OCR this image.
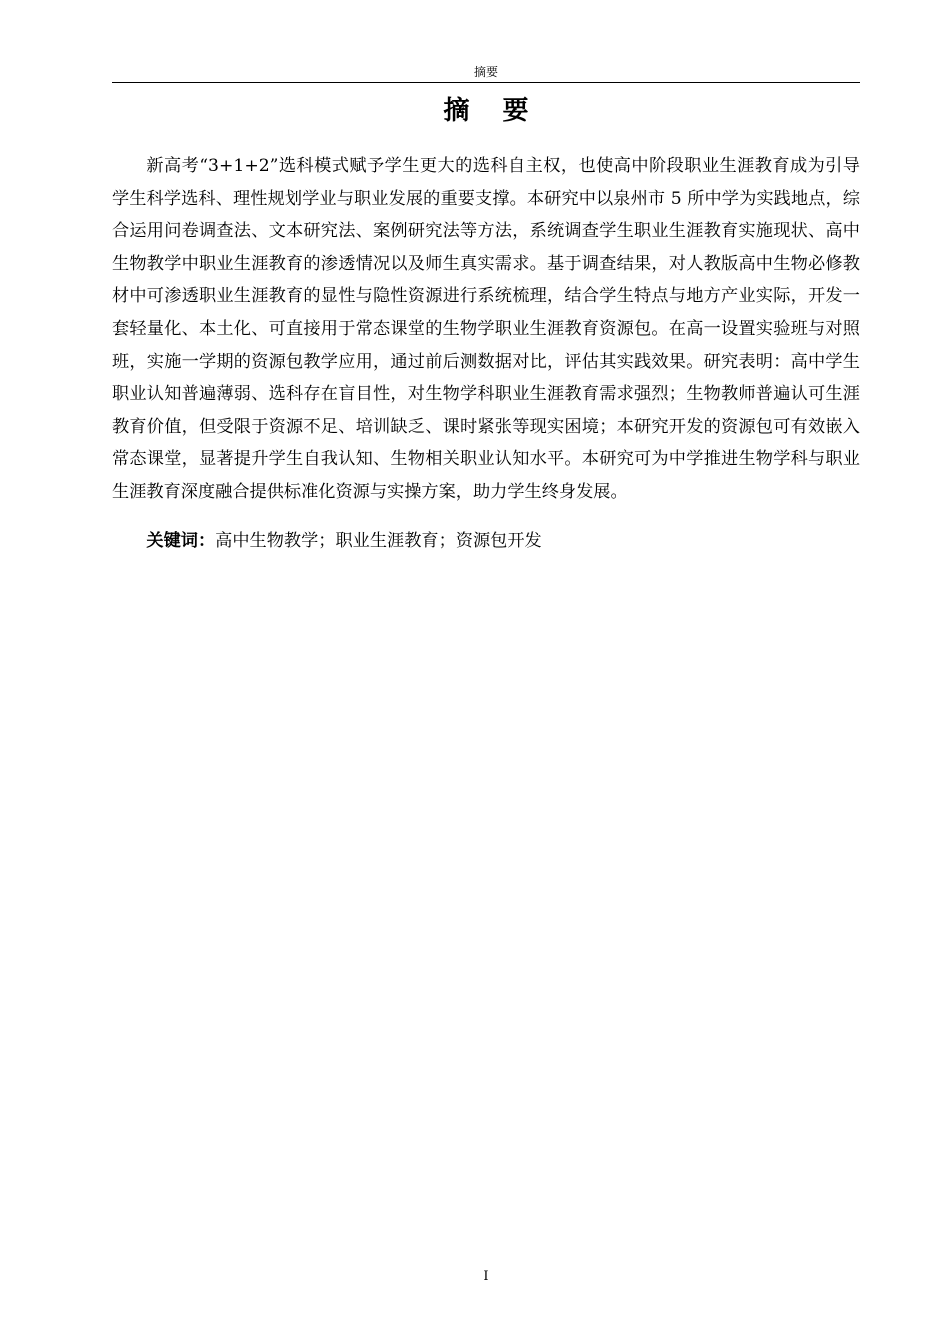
摘要
摘 要

新高考“3+1+2”选科模式赋予学生更大的选科自主权，也使高中阶段职业生涯教育成为引导学生科学选科、理性规划学业与职业发展的重要支撑。本研究中以泉州市 5 所中学为实践地点，综合运用问卷调查法、文本研究法、案例研究法等方法，系统调查学生职业生涯教育实施现状、高中生物教学中职业生涯教育的渗透情况以及师生真实需求。基于调查结果，对人教版高中生物必修教材中可渗透职业生涯教育的显性与隐性资源进行系统梳理，结合学生特点与地方产业实际，开发一套轻量化、本土化、可直接用于常态课堂的生物学职业生涯教育资源包。在高一设置实验班与对照班，实施一学期的资源包教学应用，通过前后测数据对比，评估其实践效果。研究表明：高中学生职业认知普遍薄弱、选科存在盲目性，对生物学科职业生涯教育需求强烈；生物教师普遍认可生涯教育价值，但受限于资源不足、培训缺乏、课时紧张等现实困境；本研究开发的资源包可有效嵌入常态课堂，显著提升学生自我认知、生物相关职业认知水平。本研究可为中学推进生物学科与职业生涯教育深度融合提供标准化资源与实操方案，助力学生终身发展。

关键词：高中生物教学；职业生涯教育；资源包开发

I
